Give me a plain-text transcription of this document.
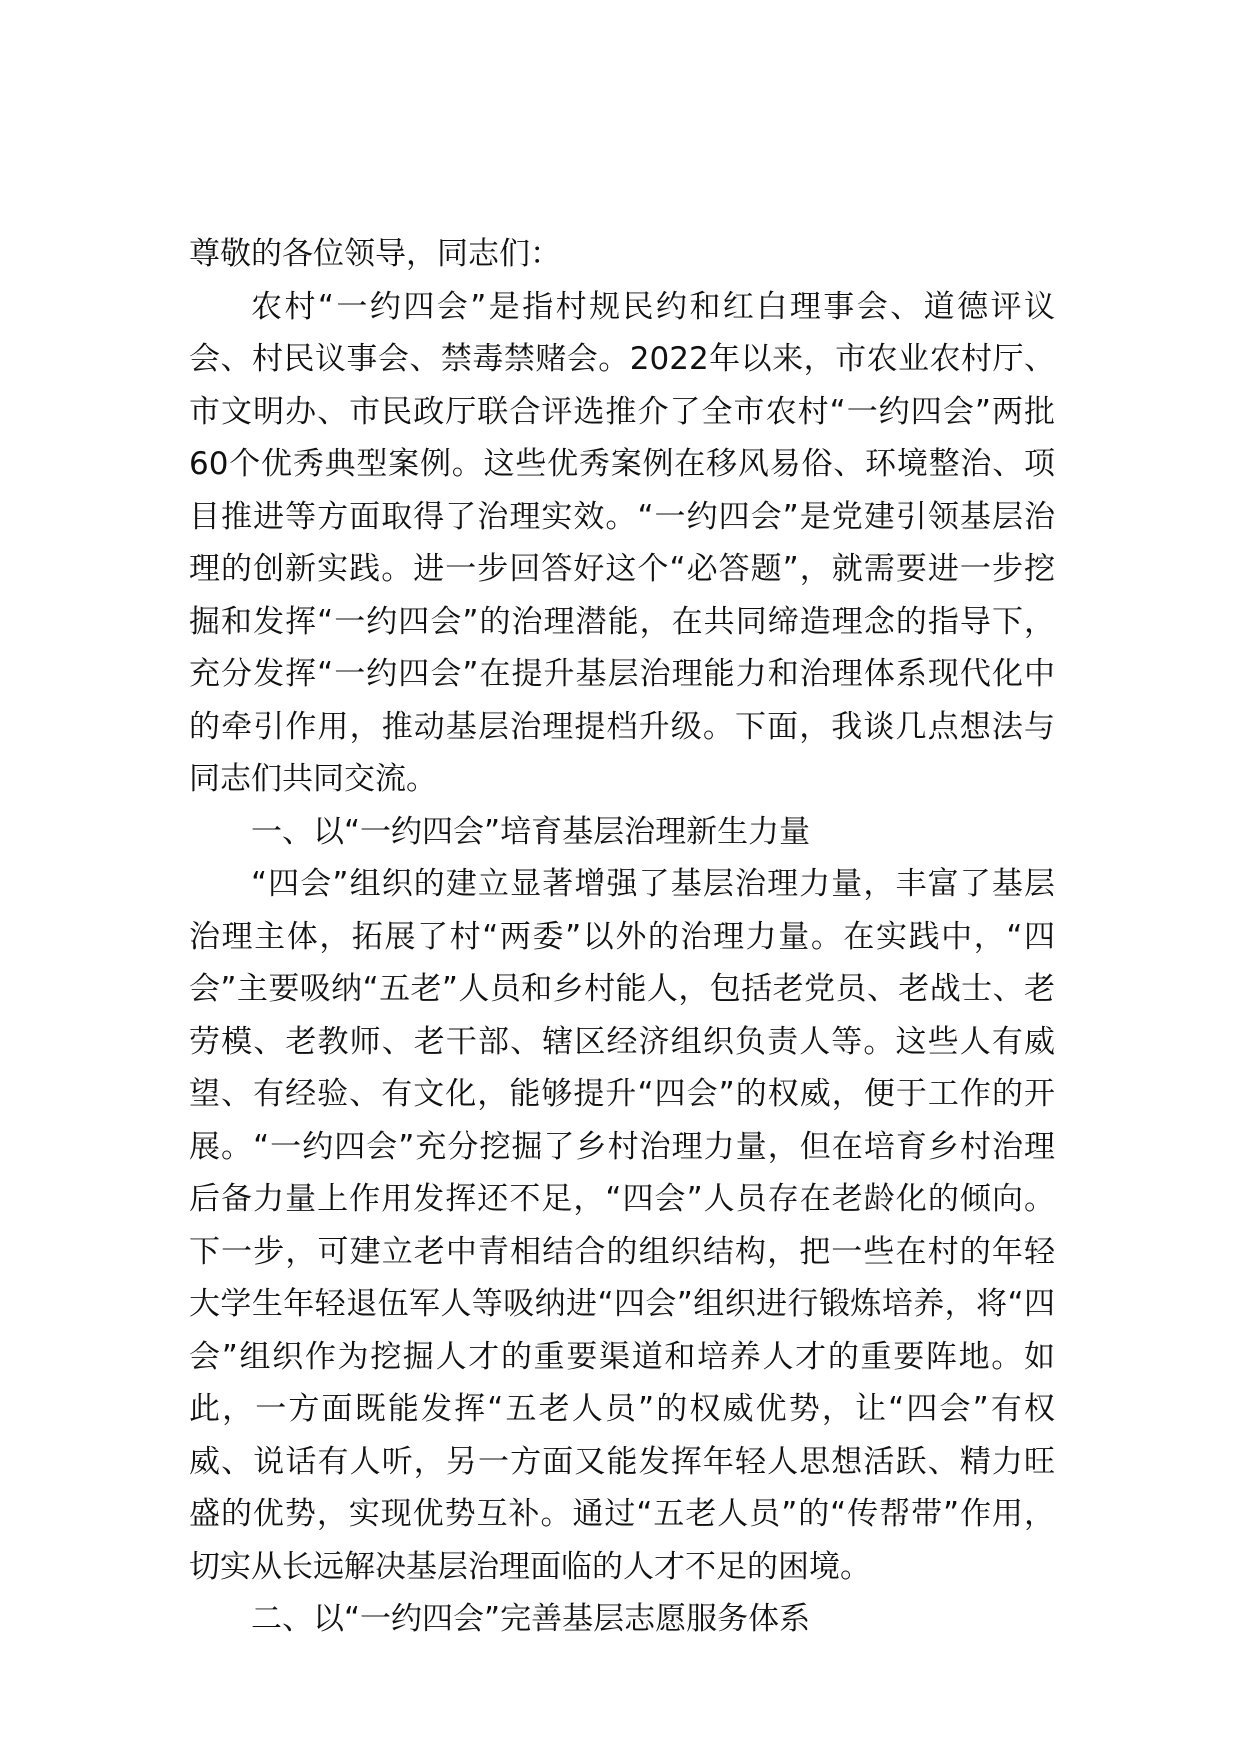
尊敬的各位领导，同志们：

农村“一约四会”是指村规民约和红白理事会、道德评议会、村民议事会、禁毒禁赌会。2022年以来，市农业农村厅、市文明办、市民政厅联合评选推介了全市农村“一约四会”两批60个优秀典型案例。这些优秀案例在移风易俗、环境整治、项目推进等方面取得了治理实效。“一约四会”是党建引领基层治理的创新实践。进一步回答好这个“必答题”，就需要进一步挖掘和发挥“一约四会”的治理潜能，在共同缔造理念的指导下，充分发挥“一约四会”在提升基层治理能力和治理体系现代化中的牵引作用，推动基层治理提档升级。下面，我谈几点想法与同志们共同交流。

一、以“一约四会”培育基层治理新生力量

“四会”组织的建立显著增强了基层治理力量，丰富了基层治理主体，拓展了村“两委”以外的治理力量。在实践中，“四会”主要吸纳“五老”人员和乡村能人，包括老党员、老战士、老劳模、老教师、老干部、辖区经济组织负责人等。这些人有威望、有经验、有文化，能够提升“四会”的权威，便于工作的开展。“一约四会”充分挖掘了乡村治理力量，但在培育乡村治理后备力量上作用发挥还不足，“四会”人员存在老龄化的倾向。下一步，可建立老中青相结合的组织结构，把一些在村的年轻大学生年轻退伍军人等吸纳进“四会”组织进行锻炼培养，将“四会”组织作为挖掘人才的重要渠道和培养人才的重要阵地。如此，一方面既能发挥“五老人员”的权威优势，让“四会”有权威、说话有人听，另一方面又能发挥年轻人思想活跃、精力旺盛的优势，实现优势互补。通过“五老人员”的“传帮带”作用，切实从长远解决基层治理面临的人才不足的困境。

二、以“一约四会”完善基层志愿服务体系
